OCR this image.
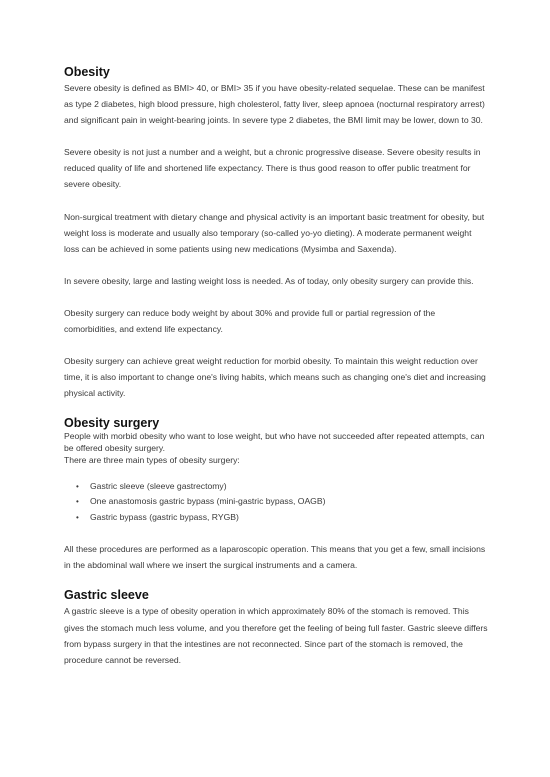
Obesity

Severe obesity is defined as BMI> 40, or BMI> 35 if you have obesity-related sequelae. These can be manifest as type 2 diabetes, high blood pressure, high cholesterol, fatty liver, sleep apnoea (nocturnal respiratory arrest) and significant pain in weight-bearing joints. In severe type 2 diabetes, the BMI limit may be lower, down to 30.

Severe obesity is not just a number and a weight, but a chronic progressive disease. Severe obesity results in reduced quality of life and shortened life expectancy. There is thus good reason to offer public treatment for severe obesity.

Non-surgical treatment with dietary change and physical activity is an important basic treatment for obesity, but weight loss is moderate and usually also temporary (so-called yo-yo dieting). A moderate permanent weight loss can be achieved in some patients using new medications (Mysimba and Saxenda).

In severe obesity, large and lasting weight loss is needed. As of today, only obesity surgery can provide this.

Obesity surgery can reduce body weight by about 30% and provide full or partial regression of the comorbidities, and extend life expectancy.

Obesity surgery can achieve great weight reduction for morbid obesity. To maintain this weight reduction over time, it is also important to change one's living habits, which means such as changing one's diet and increasing physical activity.

Obesity surgery

People with morbid obesity who want to lose weight, but who have not succeeded after repeated attempts, can be offered obesity surgery.

There are three main types of obesity surgery:

• Gastric sleeve (sleeve gastrectomy)
• One anastomosis gastric bypass (mini-gastric bypass, OAGB)
• Gastric bypass (gastric bypass, RYGB)

All these procedures are performed as a laparoscopic operation. This means that you get a few, small incisions in the abdominal wall where we insert the surgical instruments and a camera.

Gastric sleeve

A gastric sleeve is a type of obesity operation in which approximately 80% of the stomach is removed. This gives the stomach much less volume, and you therefore get the feeling of being full faster. Gastric sleeve differs from bypass surgery in that the intestines are not reconnected. Since part of the stomach is removed, the procedure cannot be reversed.
